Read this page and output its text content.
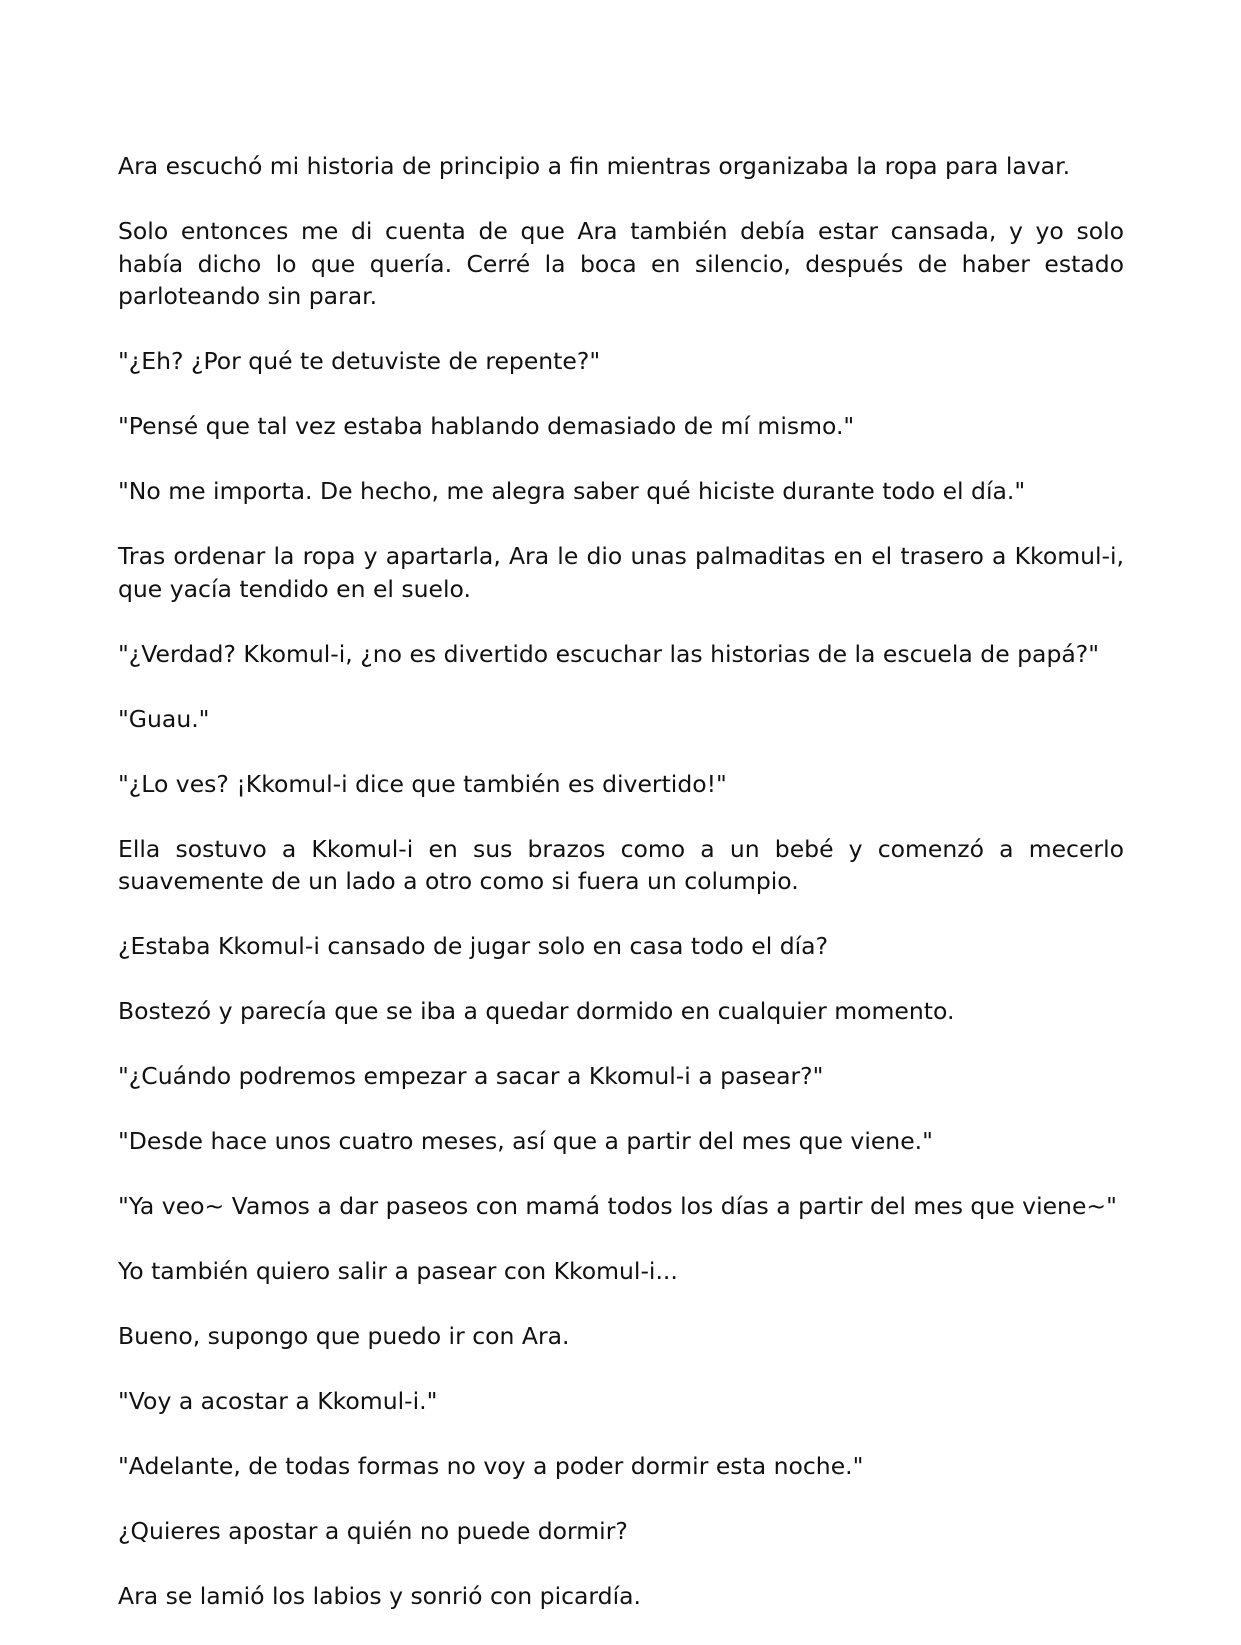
Ara escuchó mi historia de principio a fin mientras organizaba la ropa para lavar.

Solo entonces me di cuenta de que Ara también debía estar cansada, y yo solo había dicho lo que quería. Cerré la boca en silencio, después de haber estado parloteando sin parar.

"¿Eh? ¿Por qué te detuviste de repente?"

"Pensé que tal vez estaba hablando demasiado de mí mismo."

"No me importa. De hecho, me alegra saber qué hiciste durante todo el día."

Tras ordenar la ropa y apartarla, Ara le dio unas palmaditas en el trasero a Kkomul-i, que yacía tendido en el suelo.

"¿Verdad? Kkomul-i, ¿no es divertido escuchar las historias de la escuela de papá?"

"Guau."

"¿Lo ves? ¡Kkomul-i dice que también es divertido!"

Ella sostuvo a Kkomul-i en sus brazos como a un bebé y comenzó a mecerlo suavemente de un lado a otro como si fuera un columpio.

¿Estaba Kkomul-i cansado de jugar solo en casa todo el día?

Bostezó y parecía que se iba a quedar dormido en cualquier momento.

"¿Cuándo podremos empezar a sacar a Kkomul-i a pasear?"

"Desde hace unos cuatro meses, así que a partir del mes que viene."

"Ya veo~ Vamos a dar paseos con mamá todos los días a partir del mes que viene~"

Yo también quiero salir a pasear con Kkomul-i...

Bueno, supongo que puedo ir con Ara.

"Voy a acostar a Kkomul-i."

"Adelante, de todas formas no voy a poder dormir esta noche."

¿Quieres apostar a quién no puede dormir?

Ara se lamió los labios y sonrió con picardía.
